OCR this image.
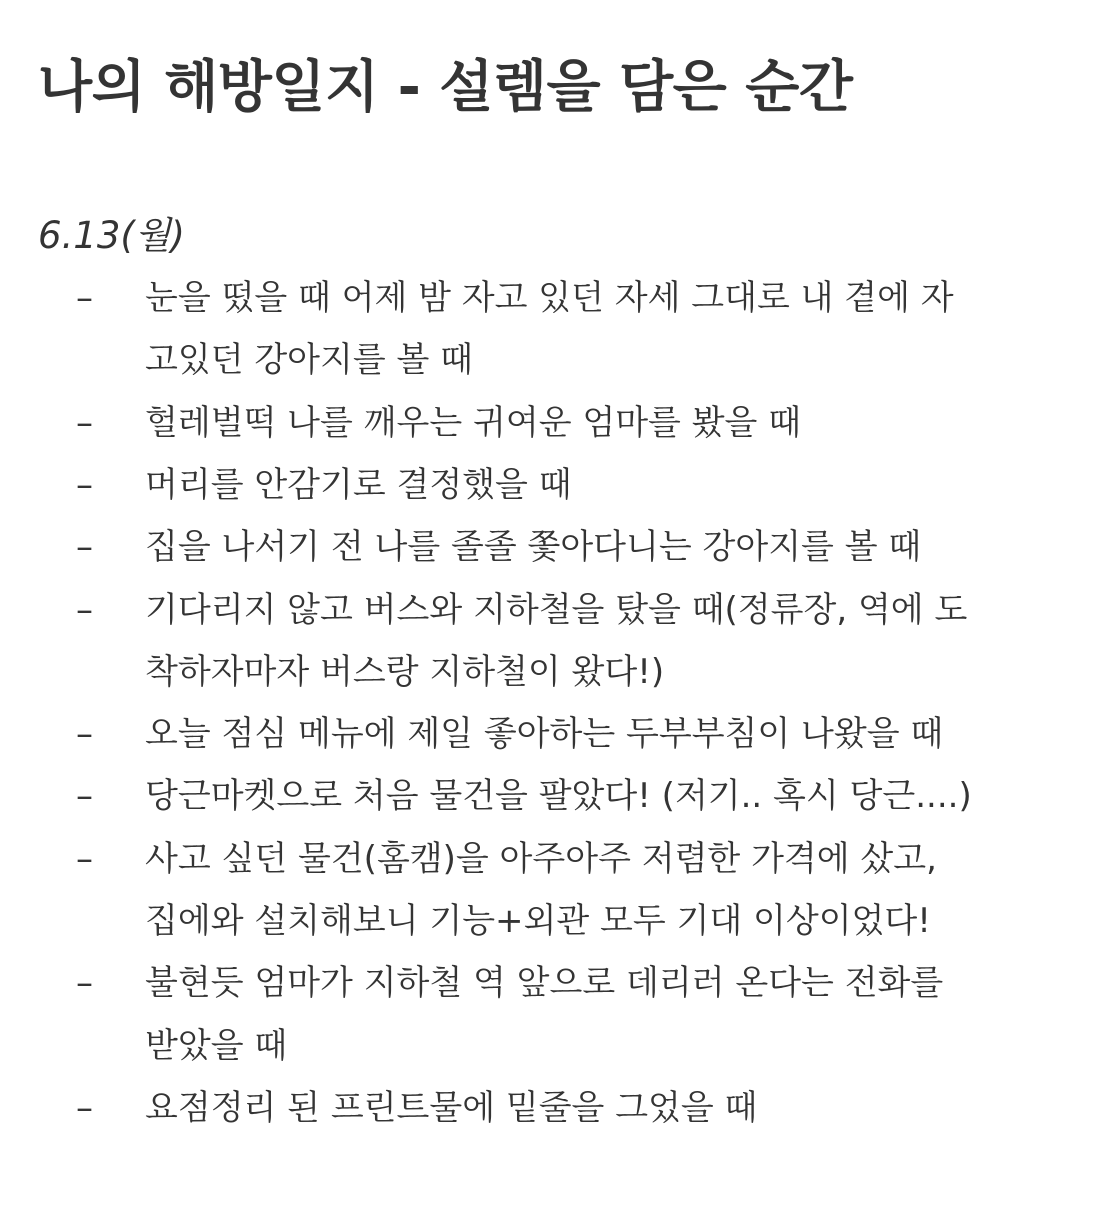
나의 해방일지 - 설렘을 담은 순간
6.13(월)
–	눈을 떴을 때 어제 밤 자고 있던 자세 그대로 내 곁에 자
고있던 강아지를 볼 때
–	헐레벌떡 나를 깨우는 귀여운 엄마를 봤을 때
–	머리를 안감기로 결정했을 때
–	집을 나서기 전 나를 졸졸 쫓아다니는 강아지를 볼 때
–	기다리지 않고 버스와 지하철을 탔을 때(정류장, 역에 도
착하자마자 버스랑 지하철이 왔다!)
–	오늘 점심 메뉴에 제일 좋아하는 두부부침이 나왔을 때
–	당근마켓으로 처음 물건을 팔았다! (저기.. 혹시 당근....)
–	사고 싶던 물건(홈캠)을 아주아주 저렴한 가격에 샀고,
집에와 설치해보니 기능+외관 모두 기대 이상이었다!
–	불현듯 엄마가 지하철 역 앞으로 데리러 온다는 전화를
받았을 때
–	요점정리 된 프린트물에 밑줄을 그었을 때
